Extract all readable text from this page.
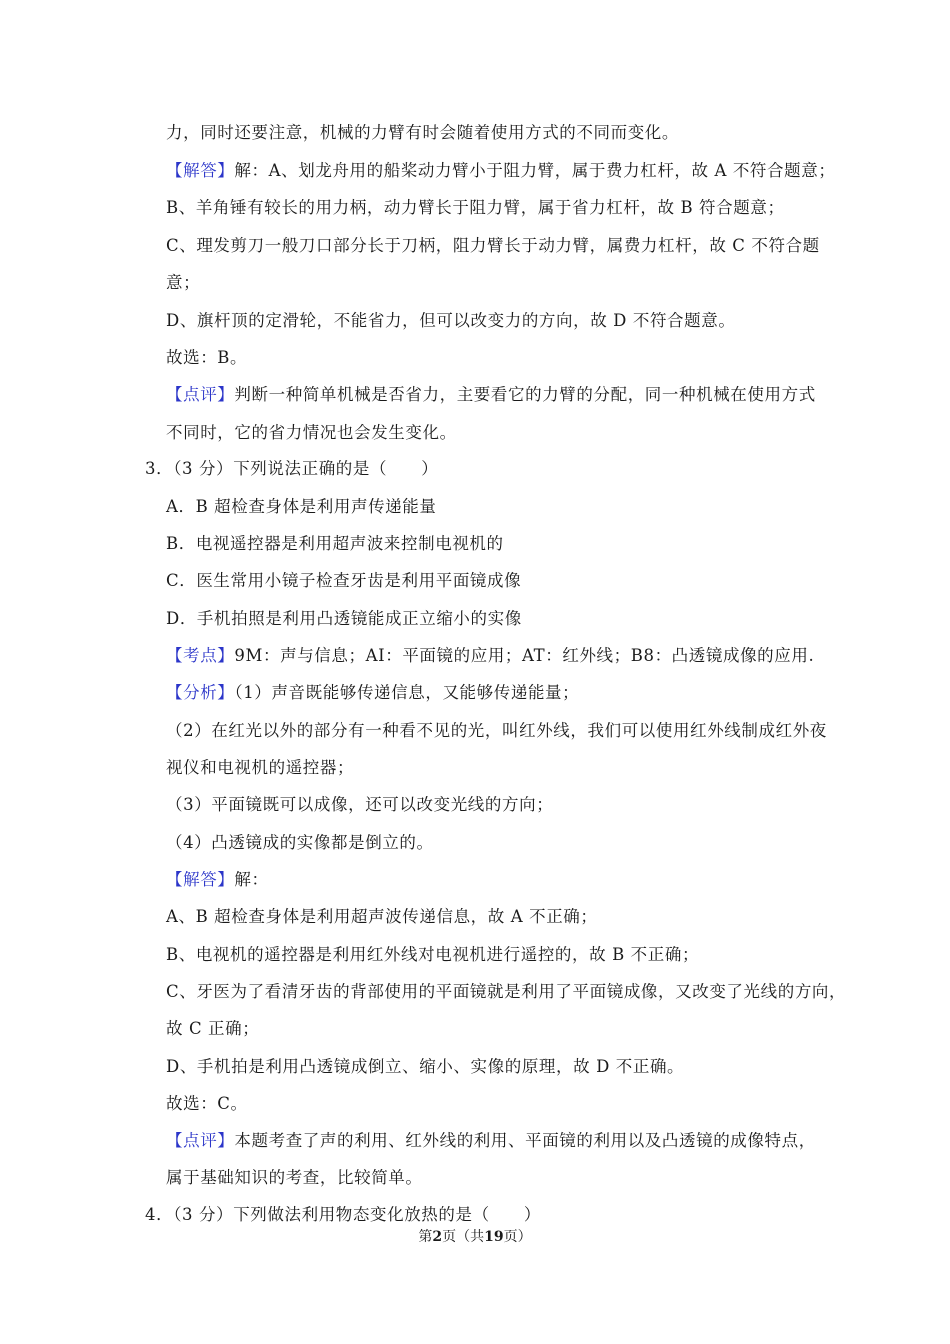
力，同时还要注意，机械的力臂有时会随着使用方式的不同而变化。
【解答】解：A、划龙舟用的船桨动力臂小于阻力臂，属于费力杠杆，故 A 不符合题意；
B、羊角锤有较长的用力柄，动力臂长于阻力臂，属于省力杠杆，故 B 符合题意；
C、理发剪刀一般刀口部分长于刀柄，阻力臂长于动力臂，属费力杠杆，故 C 不符合题
意；
D、旗杆顶的定滑轮，不能省力，但可以改变力的方向，故 D 不符合题意。
故选：B。
【点评】判断一种简单机械是否省力，主要看它的力臂的分配，同一种机械在使用方式
不同时，它的省力情况也会发生变化。
3．（3 分）下列说法正确的是（　　）
A．B 超检查身体是利用声传递能量
B．电视遥控器是利用超声波来控制电视机的
C．医生常用小镜子检查牙齿是利用平面镜成像
D．手机拍照是利用凸透镜能成正立缩小的实像
【考点】9M：声与信息；AI：平面镜的应用；AT：红外线；B8：凸透镜成像的应用.
【分析】（1）声音既能够传递信息，又能够传递能量；
（2）在红光以外的部分有一种看不见的光，叫红外线，我们可以使用红外线制成红外夜
视仪和电视机的遥控器；
（3）平面镜既可以成像，还可以改变光线的方向；
（4）凸透镜成的实像都是倒立的。
【解答】解：
A、B 超检查身体是利用超声波传递信息，故 A 不正确；
B、电视机的遥控器是利用红外线对电视机进行遥控的，故 B 不正确；
C、牙医为了看清牙齿的背部使用的平面镜就是利用了平面镜成像，又改变了光线的方向，
故 C 正确；
D、手机拍是利用凸透镜成倒立、缩小、实像的原理，故 D 不正确。
故选：C。
【点评】本题考查了声的利用、红外线的利用、平面镜的利用以及凸透镜的成像特点，
属于基础知识的考查，比较简单。
4．（3 分）下列做法利用物态变化放热的是（　　）
第2页（共19页）
